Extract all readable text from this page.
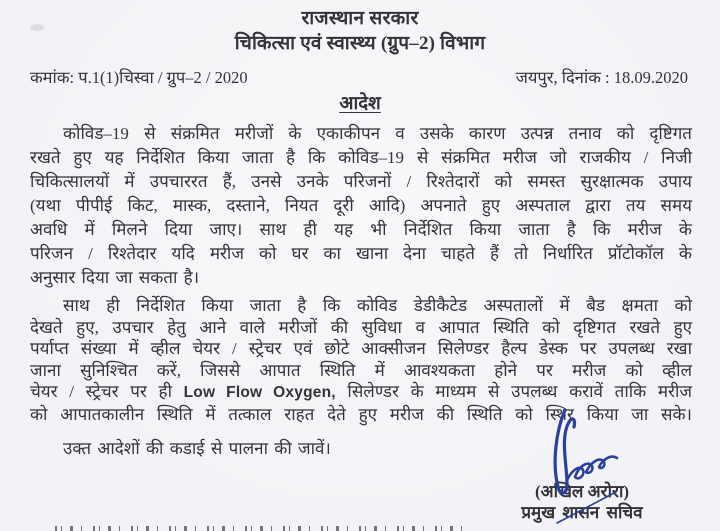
राजस्थान सरकार
चिकित्सा एवं स्वास्थ्य (ग्रुप–2) विभाग
कमांक: प.1(1)चिस्वा / ग्रुप–2 / 2020	जयपुर, दिनांक : 18.09.2020
आदेश
कोविड–19 से संक्रमित मरीजों के एकाकीपन व उसके कारण उत्पन्न तनाव को दृष्टिगत
रखते हुए यह निर्देशित किया जाता है कि कोविड–19 से संक्रमित मरीज जो राजकीय / निजी
चिकित्सालयों में उपचाररत हैं, उनसे उनके परिजनों / रिश्तेदारों को समस्त सुरक्षात्मक उपाय
(यथा पीपीई किट, मास्क, दस्ताने, नियत दूरी आदि) अपनाते हुए अस्पताल द्वारा तय समय
अवधि में मिलने दिया जाए। साथ ही यह भी निर्देशित किया जाता है कि मरीज के
परिजन / रिश्तेदार यदि मरीज को घर का खाना देना चाहते हैं तो निर्धारित प्रॉटोकॉल के
अनुसार दिया जा सकता है।
साथ ही निर्देशित किया जाता है कि कोविड डेडीकैटेड अस्पतालों में बैड क्षमता को
देखते हुए, उपचार हेतु आने वाले मरीजों की सुविधा व आपात स्थिति को दृष्टिगत रखते हुए
पर्याप्त संख्या में व्हील चेयर / स्ट्रेचर एवं छोटे आक्सीजन सिलेण्डर हैल्प डेस्क पर उपलब्ध रखा
जाना सुनिश्चित करें, जिससे आपात स्थिति में आवश्यकता होने पर मरीज को व्हील
चेयर / स्ट्रेचर पर ही Low Flow Oxygen, सिलेण्डर के माध्यम से उपलब्ध करावें ताकि मरीज
को आपातकालीन स्थिति में तत्काल राहत देते हुए मरीज की स्थिति को स्थिर किया जा सके।
उक्त आदेशों की कडाई से पालना की जावें।
(अखिल अरोरा)
प्रमुख शासन सचिव
